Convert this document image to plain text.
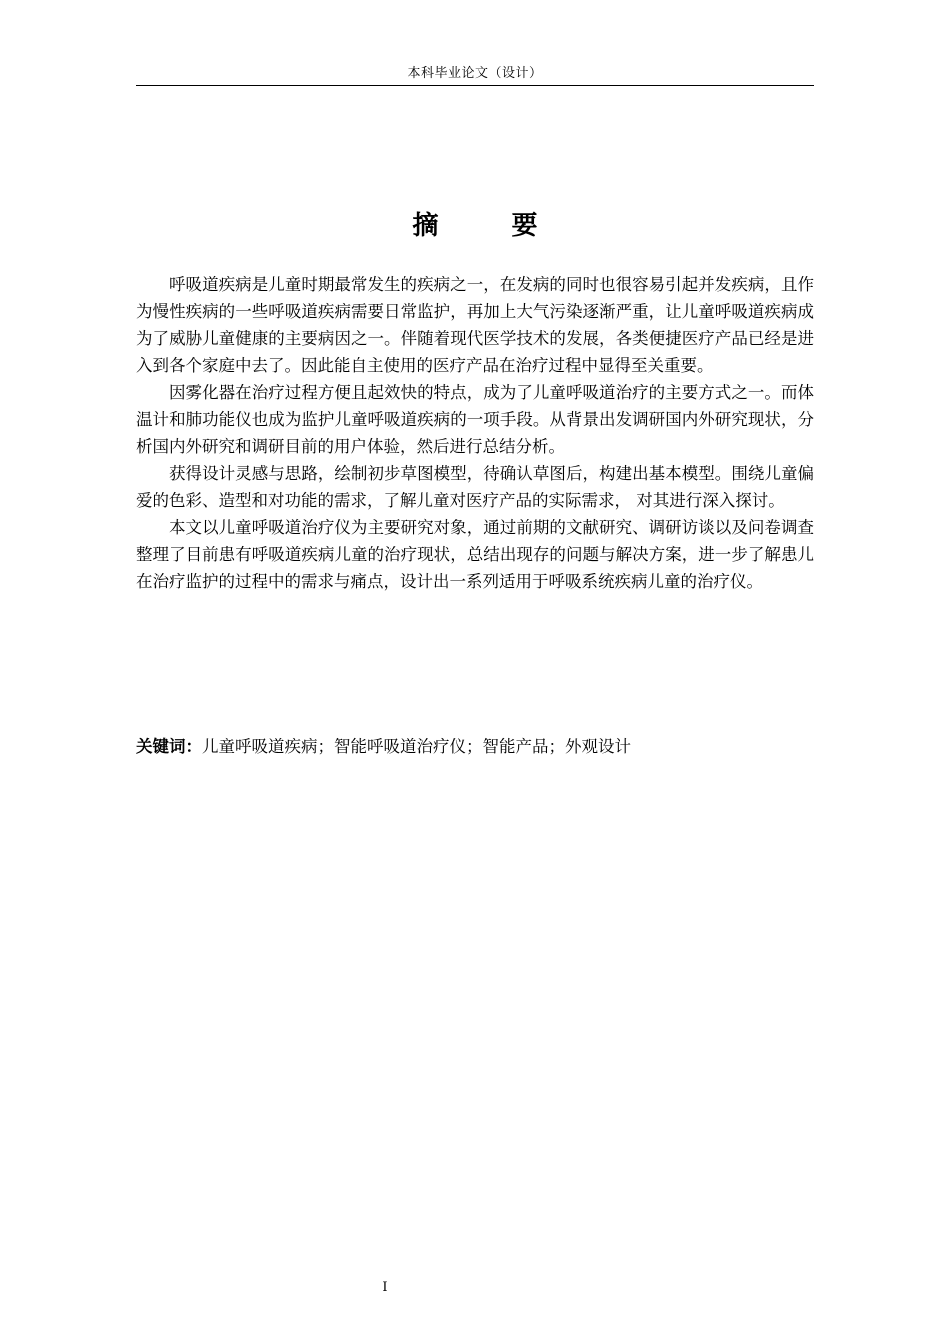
本科毕业论文（设计）
摘 要

呼吸道疾病是儿童时期最常发生的疾病之一，在发病的同时也很容易引起并发疾病，且作为慢性疾病的一些呼吸道疾病需要日常监护，再加上大气污染逐渐严重，让儿童呼吸道疾病成为了威胁儿童健康的主要病因之一。伴随着现代医学技术的发展，各类便捷医疗产品已经是进入到各个家庭中去了。因此能自主使用的医疗产品在治疗过程中显得至关重要。

因雾化器在治疗过程方便且起效快的特点，成为了儿童呼吸道治疗的主要方式之一。而体温计和肺功能仪也成为监护儿童呼吸道疾病的一项手段。从背景出发调研国内外研究现状，分析国内外研究和调研目前的用户体验，然后进行总结分析。

获得设计灵感与思路，绘制初步草图模型，待确认草图后，构建出基本模型。围绕儿童偏爱的色彩、造型和对功能的需求，了解儿童对医疗产品的实际需求， 对其进行深入探讨。

本文以儿童呼吸道治疗仪为主要研究对象，通过前期的文献研究、调研访谈以及问卷调查整理了目前患有呼吸道疾病儿童的治疗现状，总结出现存的问题与解决方案，进一步了解患儿在治疗监护的过程中的需求与痛点，设计出一系列适用于呼吸系统疾病儿童的治疗仪。

关键词：儿童呼吸道疾病；智能呼吸道治疗仪；智能产品；外观设计
I
